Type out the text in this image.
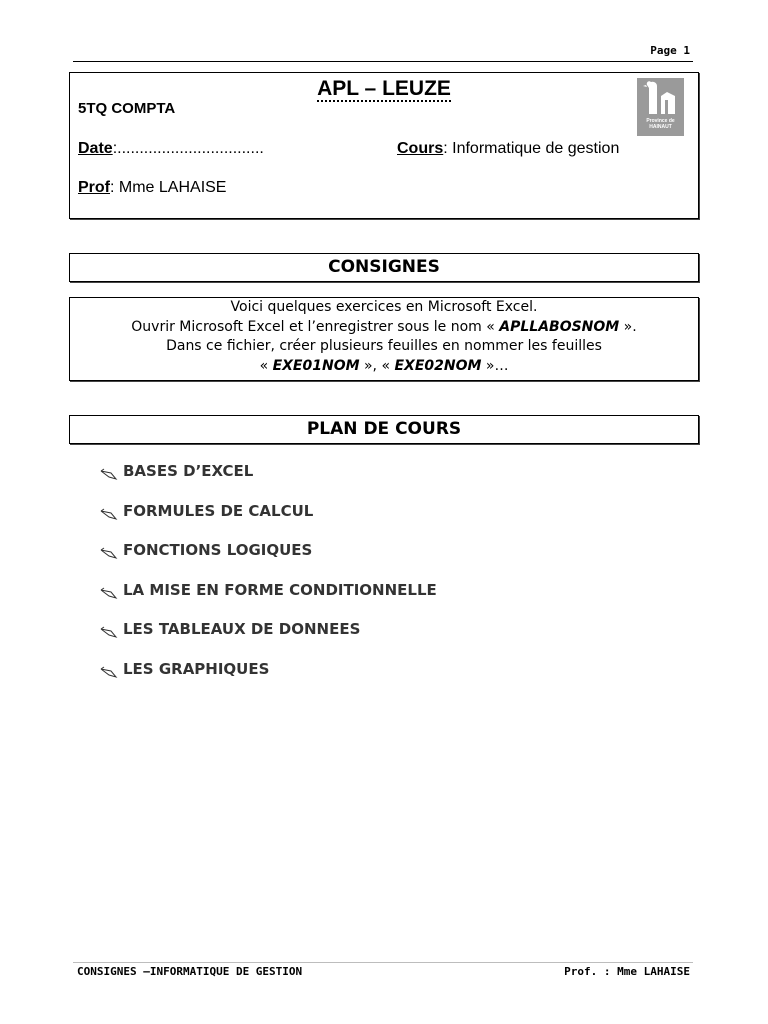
Page 1
APL – LEUZE
5TQ COMPTA
Date:.................................	Cours: Informatique de gestion
Prof: Mme LAHAISE
Province de
HAINAUT
CONSIGNES
Voici quelques exercices en Microsoft Excel.
Ouvrir Microsoft Excel et l’enregistrer sous le nom « APLLABOSNOM ».
Dans ce fichier, créer plusieurs feuilles en nommer les feuilles
« EXE01NOM », « EXE02NOM »…
PLAN DE COURS
BASES D’EXCEL
FORMULES DE CALCUL
FONCTIONS LOGIQUES
LA MISE EN FORME CONDITIONNELLE
LES TABLEAUX DE DONNEES
LES GRAPHIQUES
CONSIGNES –INFORMATIQUE DE GESTION	Prof. : Mme LAHAISE
